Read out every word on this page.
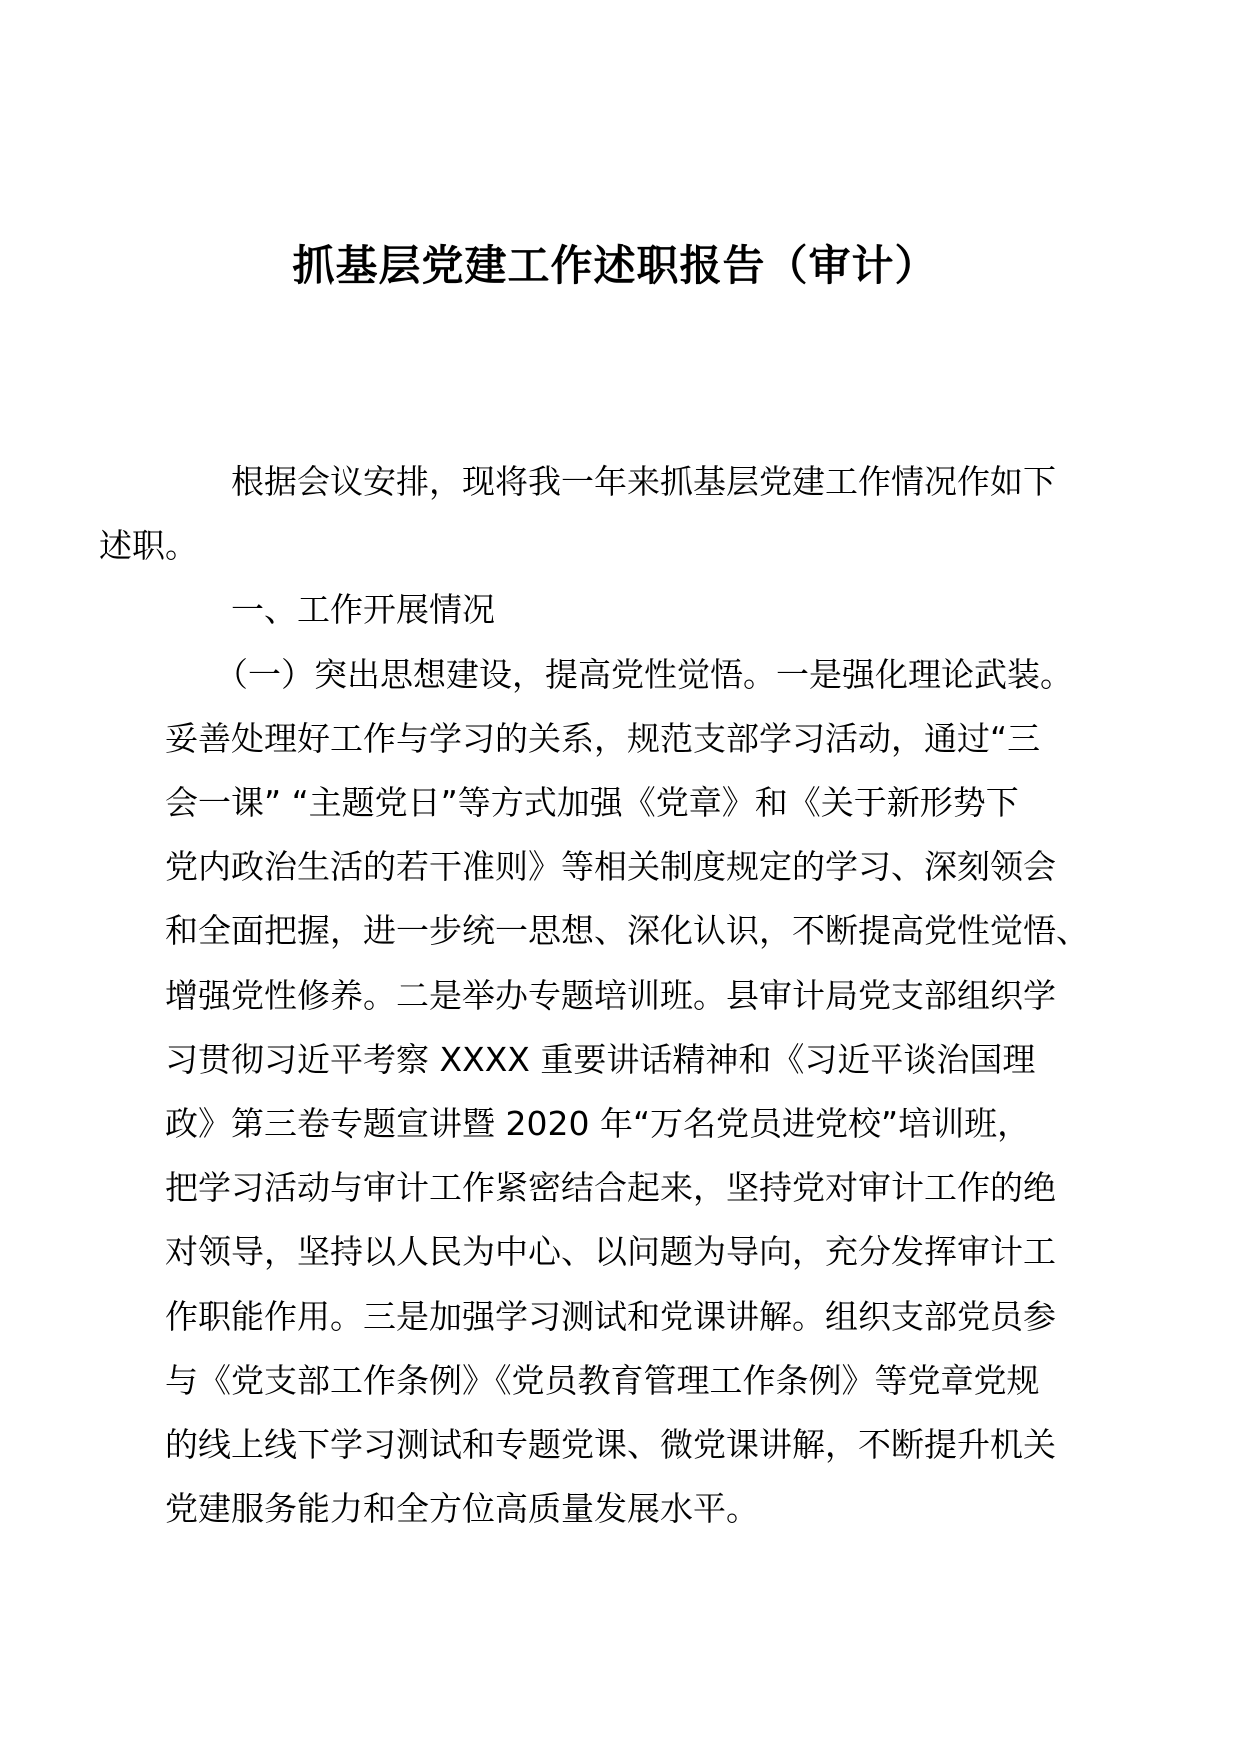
抓基层党建工作述职报告（审计）

根据会议安排，现将我一年来抓基层党建工作情况作如下
述职。

一、工作开展情况

（一）突出思想建设，提高党性觉悟。一是强化理论武装。
妥善处理好工作与学习的关系，规范支部学习活动，通过“三
会一课” “主题党日”等方式加强《党章》和《关于新形势下
党内政治生活的若干准则》等相关制度规定的学习、深刻领会
和全面把握，进一步统一思想、深化认识，不断提高党性觉悟、
增强党性修养。二是举办专题培训班。县审计局党支部组织学
习贯彻习近平考察 XXXX 重要讲话精神和《习近平谈治国理
政》第三卷专题宣讲暨 2020 年“万名党员进党校”培训班，
把学习活动与审计工作紧密结合起来，坚持党对审计工作的绝
对领导，坚持以人民为中心、以问题为导向，充分发挥审计工
作职能作用。三是加强学习测试和党课讲解。组织支部党员参
与《党支部工作条例》《党员教育管理工作条例》等党章党规
的线上线下学习测试和专题党课、微党课讲解，不断提升机关
党建服务能力和全方位高质量发展水平。
